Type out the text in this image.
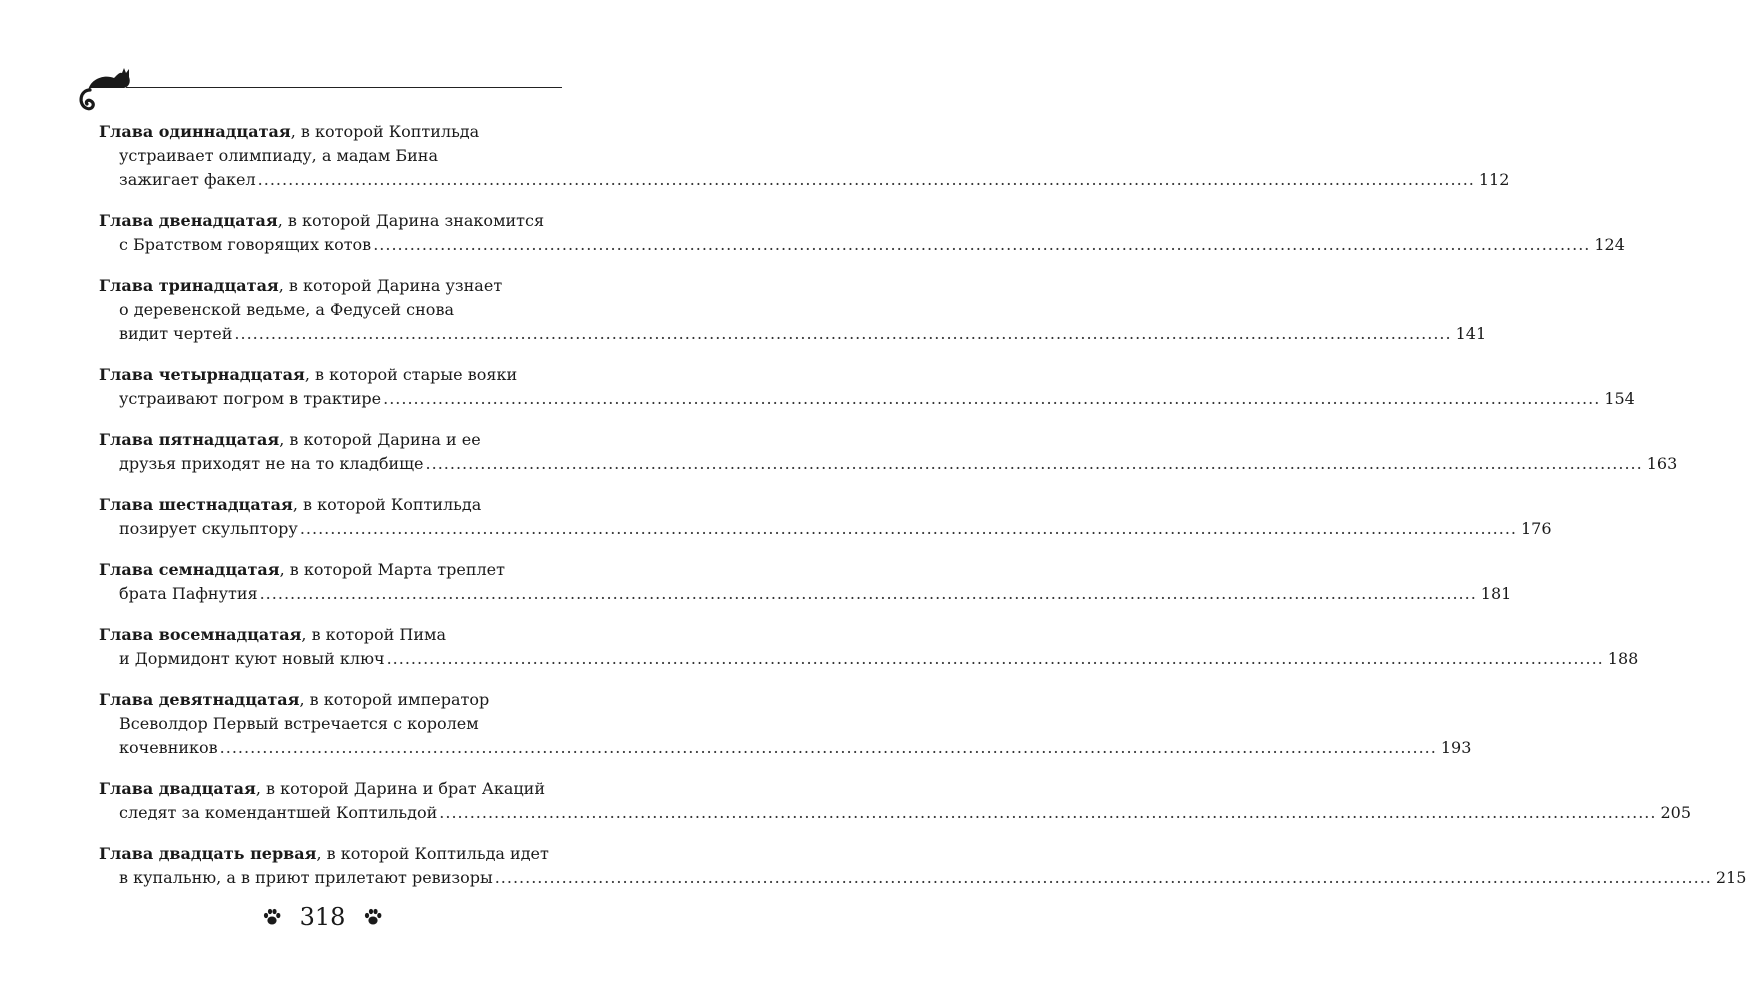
Глава одиннадцатая, в которой Коптильда
устраивает олимпиаду, а мадам Бина
зажигает факел ........................................................................................................................................................................................................ 112
Глава двенадцатая, в которой Дарина знакомится
с Братством говорящих котов ........................................................................................................................................................................................................ 124
Глава тринадцатая, в которой Дарина узнает
о деревенской ведьме, а Федусей снова
видит чертей ........................................................................................................................................................................................................ 141
Глава четырнадцатая, в которой старые вояки
устраивают погром в трактире ........................................................................................................................................................................................................ 154
Глава пятнадцатая, в которой Дарина и ее
друзья приходят не на то кладбище ........................................................................................................................................................................................................ 163
Глава шестнадцатая, в которой Коптильда
позирует скульптору ........................................................................................................................................................................................................ 176
Глава семнадцатая, в которой Марта треплет
брата Пафнутия ........................................................................................................................................................................................................ 181
Глава восемнадцатая, в которой Пима
и Дормидонт куют новый ключ ........................................................................................................................................................................................................ 188
Глава девятнадцатая, в которой император
Всеволдор Первый встречается с королем
кочевников ........................................................................................................................................................................................................ 193
Глава двадцатая, в которой Дарина и брат Акаций
следят за комендантшей Коптильдой ........................................................................................................................................................................................................ 205
Глава двадцать первая, в которой Коптильда идет
в купальню, а в приют прилетают ревизоры ........................................................................................................................................................................................................ 215
318
